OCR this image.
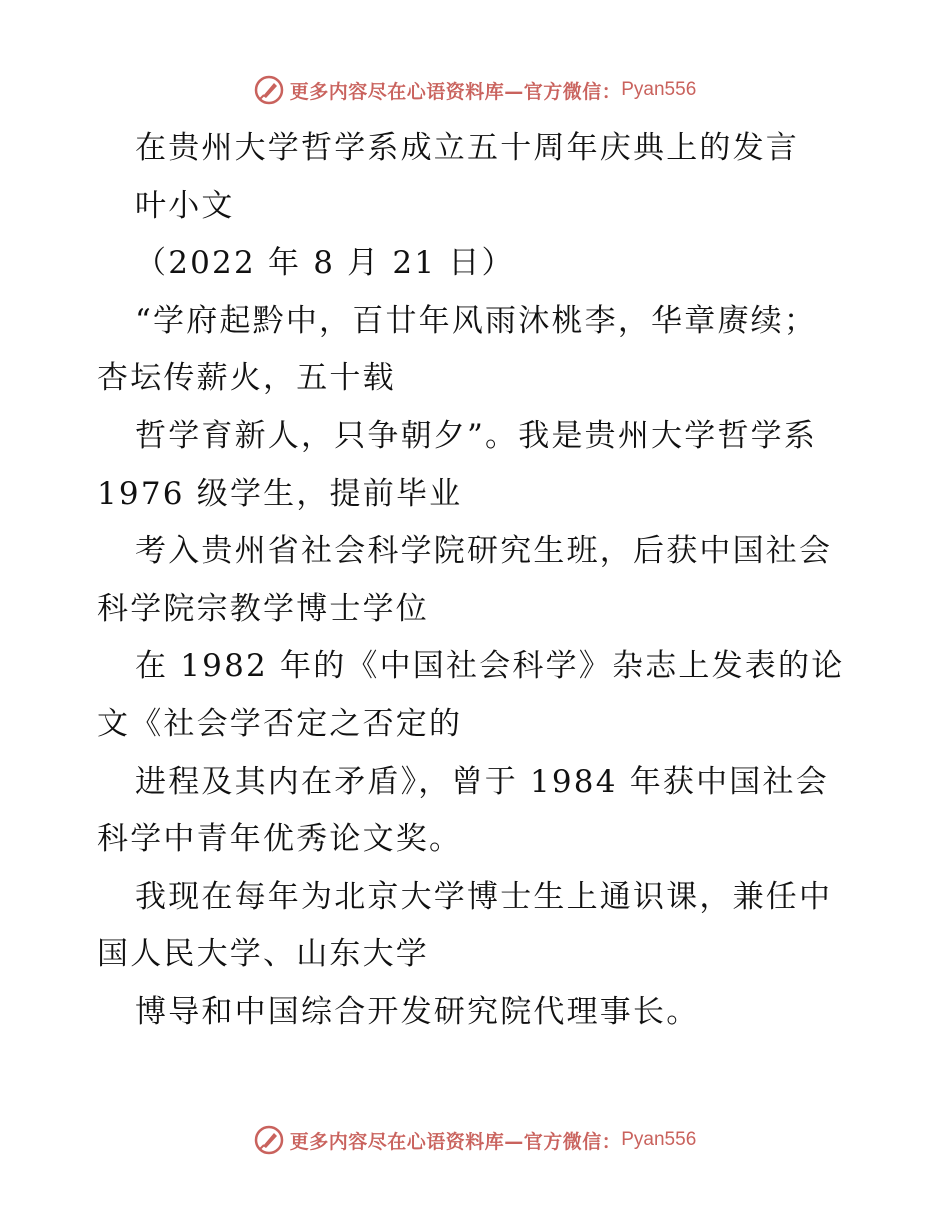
更多内容尽在心语资料库—官方微信： Pyan556
在贵州大学哲学系成立五十周年庆典上的发言
叶小文
（2022 年 8 月 21 日）
“学府起黔中，百廿年风雨沐桃李，华章赓续；
杏坛传薪火，五十载
哲学育新人，只争朝夕”。我是贵州大学哲学系
1976 级学生，提前毕业
考入贵州省社会科学院研究生班，后获中国社会
科学院宗教学博士学位
在 1982 年的《中国社会科学》杂志上发表的论
文《社会学否定之否定的
进程及其内在矛盾》，曾于 1984 年获中国社会
科学中青年优秀论文奖。
我现在每年为北京大学博士生上通识课，兼任中
国人民大学、山东大学
博导和中国综合开发研究院代理事长。
更多内容尽在心语资料库—官方微信： Pyan556
